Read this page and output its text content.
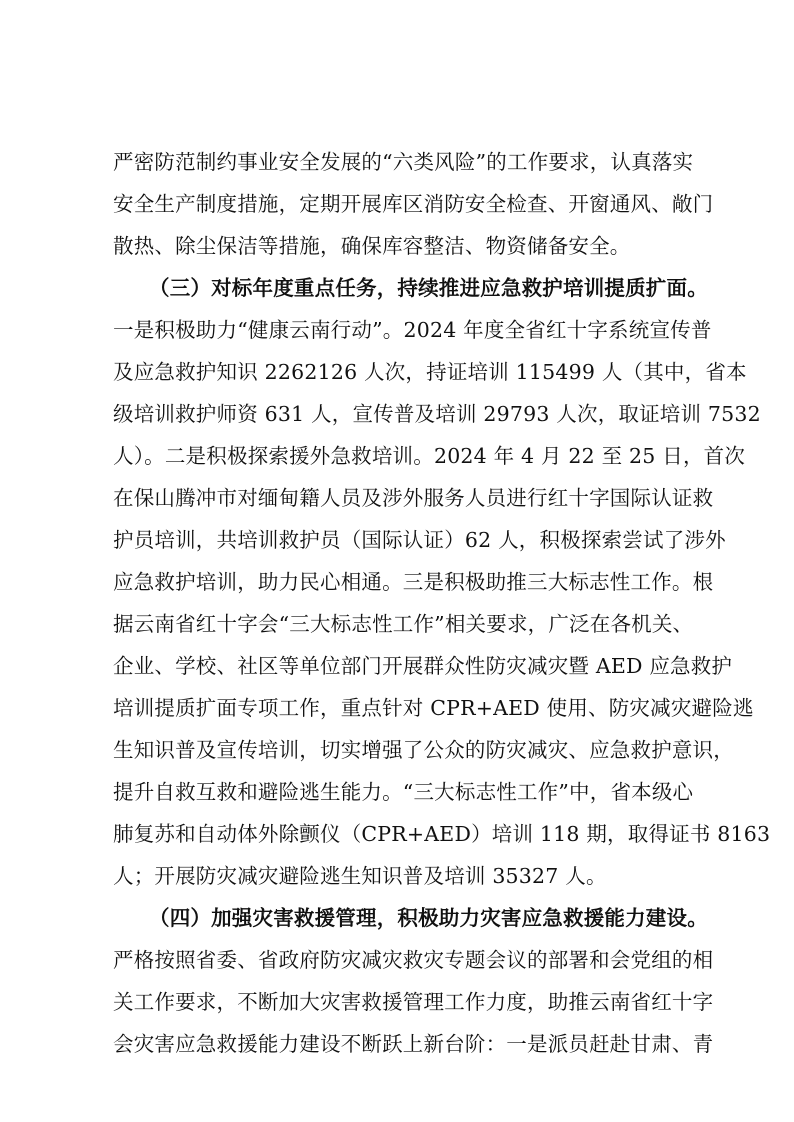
严密防范制约事业安全发展的“六类风险”的工作要求，认真落实
安全生产制度措施，定期开展库区消防安全检查、开窗通风、敞门
散热、除尘保洁等措施，确保库容整洁、物资储备安全。
（三）对标年度重点任务，持续推进应急救护培训提质扩面。
一是积极助力“健康云南行动”。2024 年度全省红十字系统宣传普
及应急救护知识 2262126 人次，持证培训 115499 人（其中，省本
级培训救护师资 631 人，宣传普及培训 29793 人次，取证培训 7532
人）。二是积极探索援外急救培训。2024 年 4 月 22 至 25 日，首次
在保山腾冲市对缅甸籍人员及涉外服务人员进行红十字国际认证救
护员培训，共培训救护员（国际认证）62 人，积极探索尝试了涉外
应急救护培训，助力民心相通。三是积极助推三大标志性工作。根
据云南省红十字会“三大标志性工作”相关要求，广泛在各机关、
企业、学校、社区等单位部门开展群众性防灾减灾暨 AED 应急救护
培训提质扩面专项工作，重点针对 CPR+AED 使用、防灾减灾避险逃
生知识普及宣传培训，切实增强了公众的防灾减灾、应急救护意识，
提升自救互救和避险逃生能力。“三大标志性工作”中，省本级心
肺复苏和自动体外除颤仪（CPR+AED）培训 118 期，取得证书 8163
人；开展防灾减灾避险逃生知识普及培训 35327 人。
（四）加强灾害救援管理，积极助力灾害应急救援能力建设。
严格按照省委、省政府防灾减灾救灾专题会议的部署和会党组的相
关工作要求，不断加大灾害救援管理工作力度，助推云南省红十字
会灾害应急救援能力建设不断跃上新台阶：一是派员赶赴甘肃、青
